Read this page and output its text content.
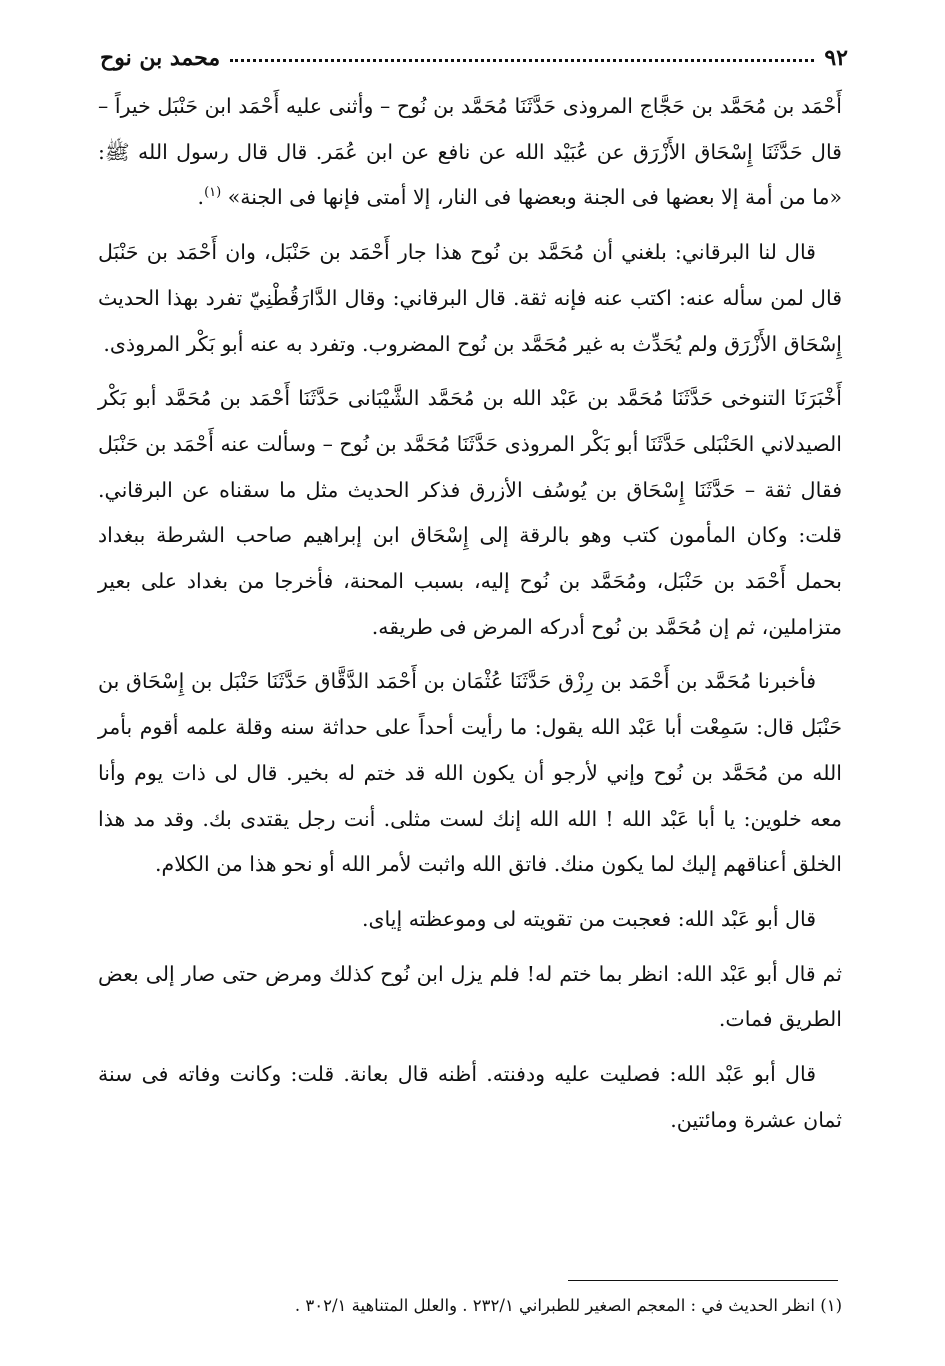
٩٢
محمد بن نوح

أَحْمَد بن مُحَمَّد بن حَجَّاج المروذى حَدَّثَنَا مُحَمَّد بن نُوح – وأثنى عليه أَحْمَد ابن حَنْبَل خيراً – قال حَدَّثَنَا إِسْحَاق الأَزْرَق عن عُبَيْد الله عن نافع عن ابن عُمَر. قال قال رسول الله ﷺ: «ما من أمة إلا بعضها فى الجنة وبعضها فى النار، إلا أمتى فإنها فى الجنة» $^{(١)}$.

قال لنا البرقاني: بلغني أن مُحَمَّد بن نُوح هذا جار أَحْمَد بن حَنْبَل، وان أَحْمَد بن حَنْبَل قال لمن سأله عنه: اكتب عنه فإنه ثقة. قال البرقاني: وقال الدَّارَقُطْنِيّ تفرد بهذا الحديث إِسْحَاق الأَزْرَق ولم يُحَدِّث به غير مُحَمَّد بن نُوح المضروب. وتفرد به عنه أبو بَكْر المروذى.

أَخْبَرَنَا التنوخى حَدَّثَنَا مُحَمَّد بن عَبْد الله بن مُحَمَّد الشَّيْبَانى حَدَّثَنَا أَحْمَد بن مُحَمَّد أبو بَكْر الصيدلاني الحَنْبَلى حَدَّثَنَا أبو بَكْر المروذى حَدَّثَنَا مُحَمَّد بن نُوح – وسألت عنه أَحْمَد بن حَنْبَل فقال ثقة – حَدَّثَنَا إِسْحَاق بن يُوسُف الأزرق فذكر الحديث مثل ما سقناه عن البرقاني. قلت: وكان المأمون كتب وهو بالرقة إلى إِسْحَاق ابن إبراهيم صاحب الشرطة ببغداد بحمل أَحْمَد بن حَنْبَل، ومُحَمَّد بن نُوح إليه، بسبب المحنة، فأخرجا من بغداد على بعير متزاملين، ثم إن مُحَمَّد بن نُوح أدركه المرض فى طريقه.

فأخبرنا مُحَمَّد بن أَحْمَد بن رِزْق حَدَّثَنَا عُثْمَان بن أَحْمَد الدَّقَّاق حَدَّثَنَا حَنْبَل بن إِسْحَاق بن حَنْبَل قال: سَمِعْت أبا عَبْد الله يقول: ما رأيت أحداً على حداثة سنه وقلة علمه أقوم بأمر الله من مُحَمَّد بن نُوح وإني لأرجو أن يكون الله قد ختم له بخير. قال لى ذات يوم وأنا معه خلوين: يا أبا عَبْد الله ! الله الله إنك لست مثلى. أنت رجل يقتدى بك. وقد مد هذا الخلق أعناقهم إليك لما يكون منك. فاتق الله واثبت لأمر الله أو نحو هذا من الكلام.

قال أبو عَبْد الله: فعجبت من تقويته لى وموعظته إياى.

ثم قال أبو عَبْد الله: انظر بما ختم له! فلم يزل ابن نُوح كذلك ومرض حتى صار إلى بعض الطريق فمات.

قال أبو عَبْد الله: فصليت عليه ودفنته. أظنه قال بعانة. قلت: وكانت وفاته فى سنة ثمان عشرة ومائتين.

(١) انظر الحديث في : المعجم الصغير للطبراني ٢٣٢/١ . والعلل المتناهية ٣٠٢/١ .
